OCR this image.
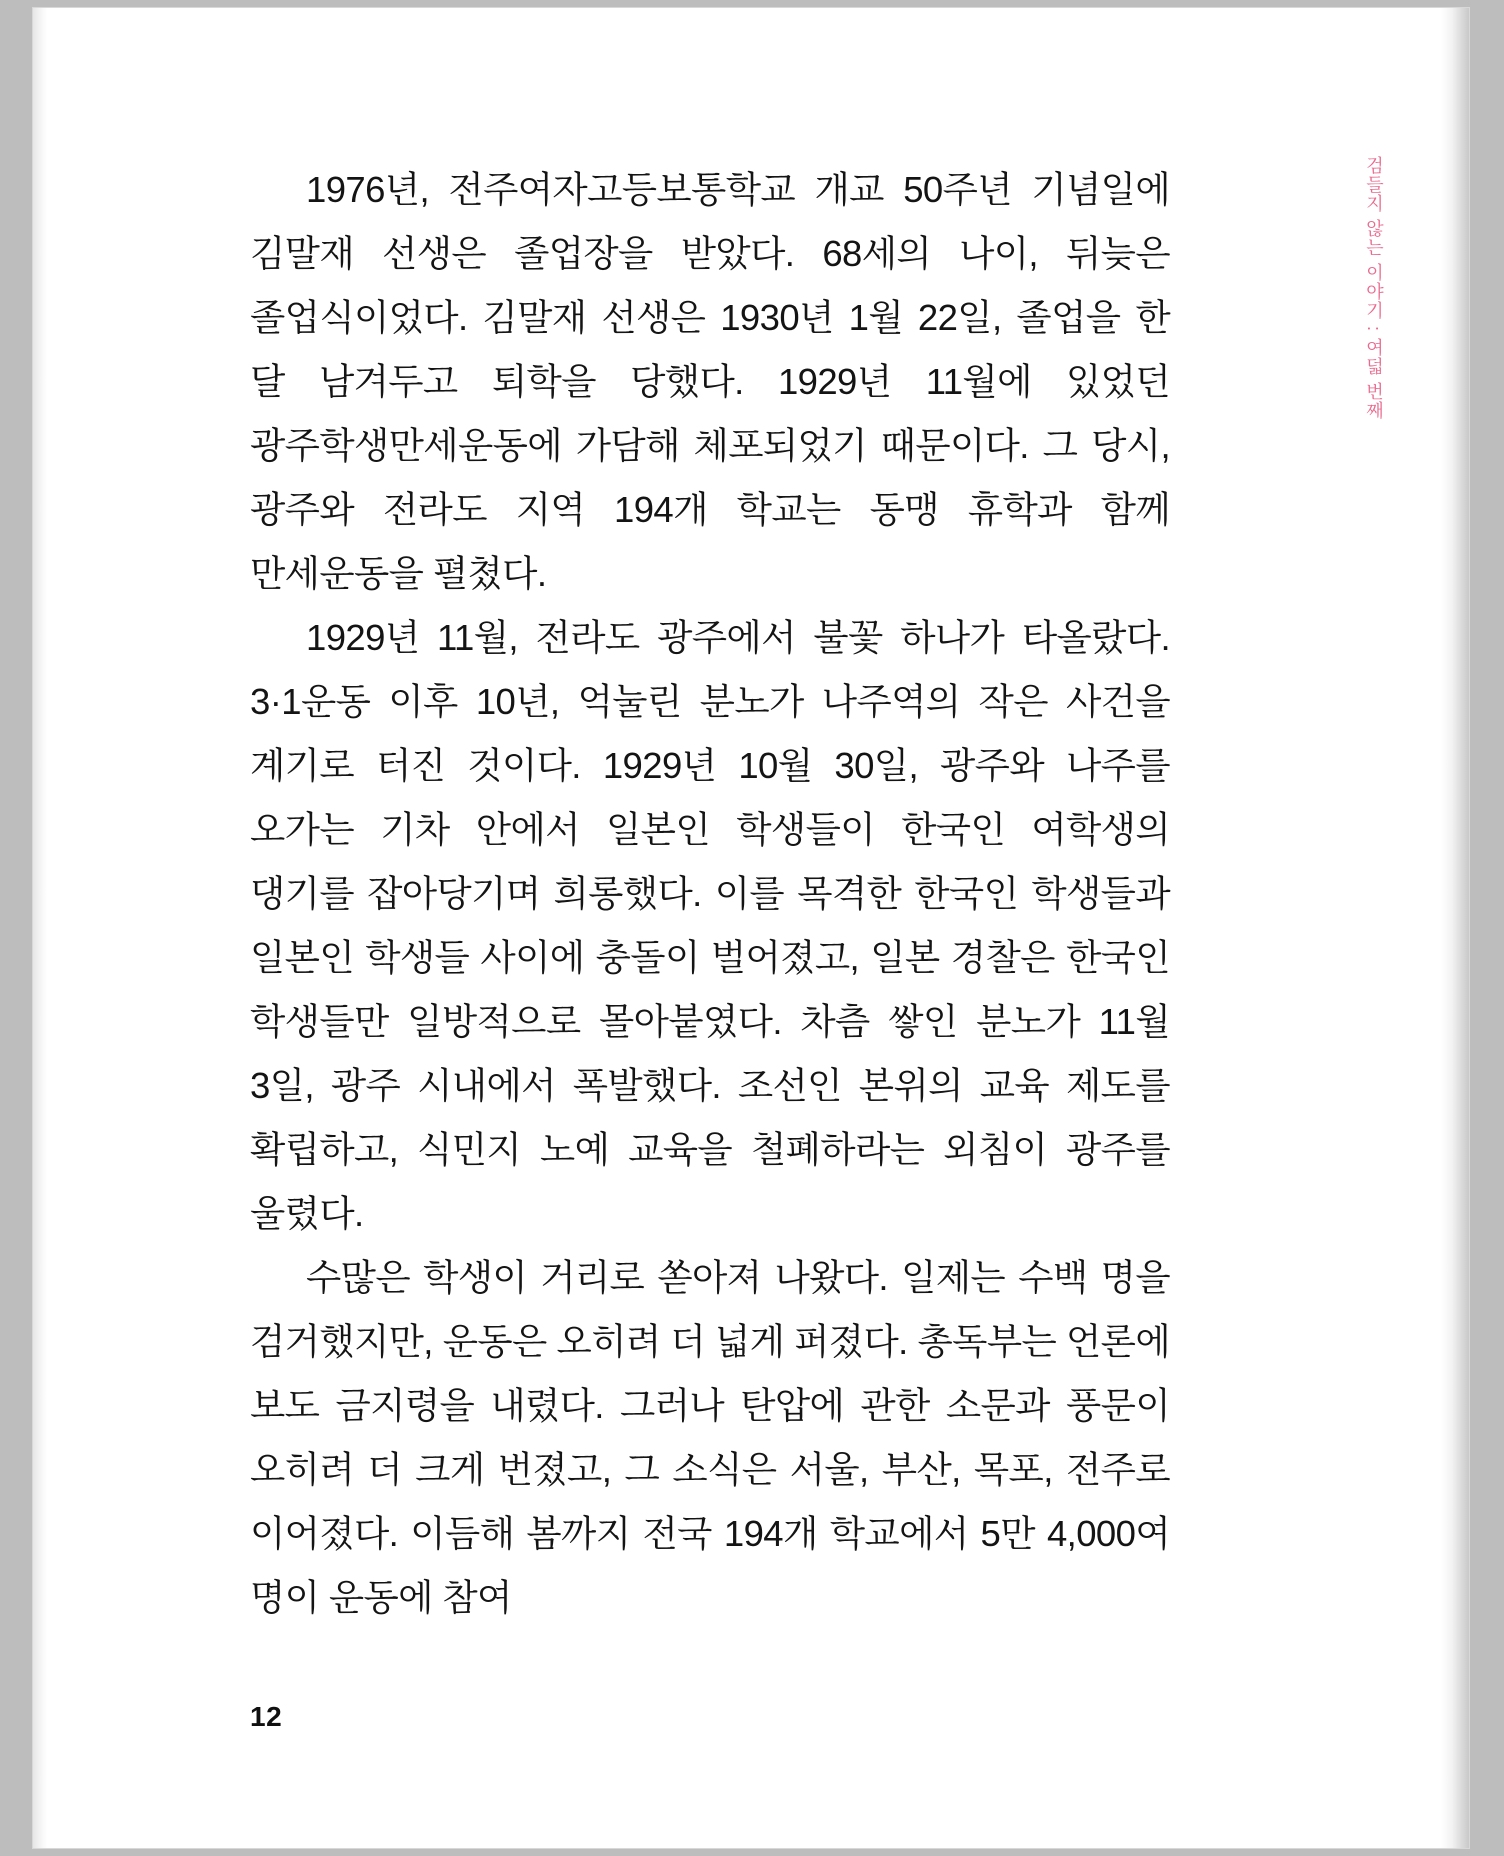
검들지 않는 이야기 : 여덟 번째

1976년, 전주여자고등보통학교 개교 50주년 기념일에 김말재 선생은 졸업장을 받았다. 68세의 나이, 뒤늦은 졸업식이었다. 김말재 선생은 1930년 1월 22일, 졸업을 한 달 남겨두고 퇴학을 당했다. 1929년 11월에 있었던 광주학생만세운동에 가담해 체포되었기 때문이다. 그 당시, 광주와 전라도 지역 194개 학교는 동맹 휴학과 함께 만세운동을 펼쳤다.

1929년 11월, 전라도 광주에서 불꽃 하나가 타올랐다. 3·1운동 이후 10년, 억눌린 분노가 나주역의 작은 사건을 계기로 터진 것이다. 1929년 10월 30일, 광주와 나주를 오가는 기차 안에서 일본인 학생들이 한국인 여학생의 댕기를 잡아당기며 희롱했다. 이를 목격한 한국인 학생들과 일본인 학생들 사이에 충돌이 벌어졌고, 일본 경찰은 한국인 학생들만 일방적으로 몰아붙였다. 차츰 쌓인 분노가 11월 3일, 광주 시내에서 폭발했다. 조선인 본위의 교육 제도를 확립하고, 식민지 노예 교육을 철폐하라는 외침이 광주를 울렸다.

수많은 학생이 거리로 쏟아져 나왔다. 일제는 수백 명을 검거했지만, 운동은 오히려 더 넓게 퍼졌다. 총독부는 언론에 보도 금지령을 내렸다. 그러나 탄압에 관한 소문과 풍문이 오히려 더 크게 번졌고, 그 소식은 서울, 부산, 목포, 전주로 이어졌다. 이듬해 봄까지 전국 194개 학교에서 5만 4,000여 명이 운동에 참여

12
